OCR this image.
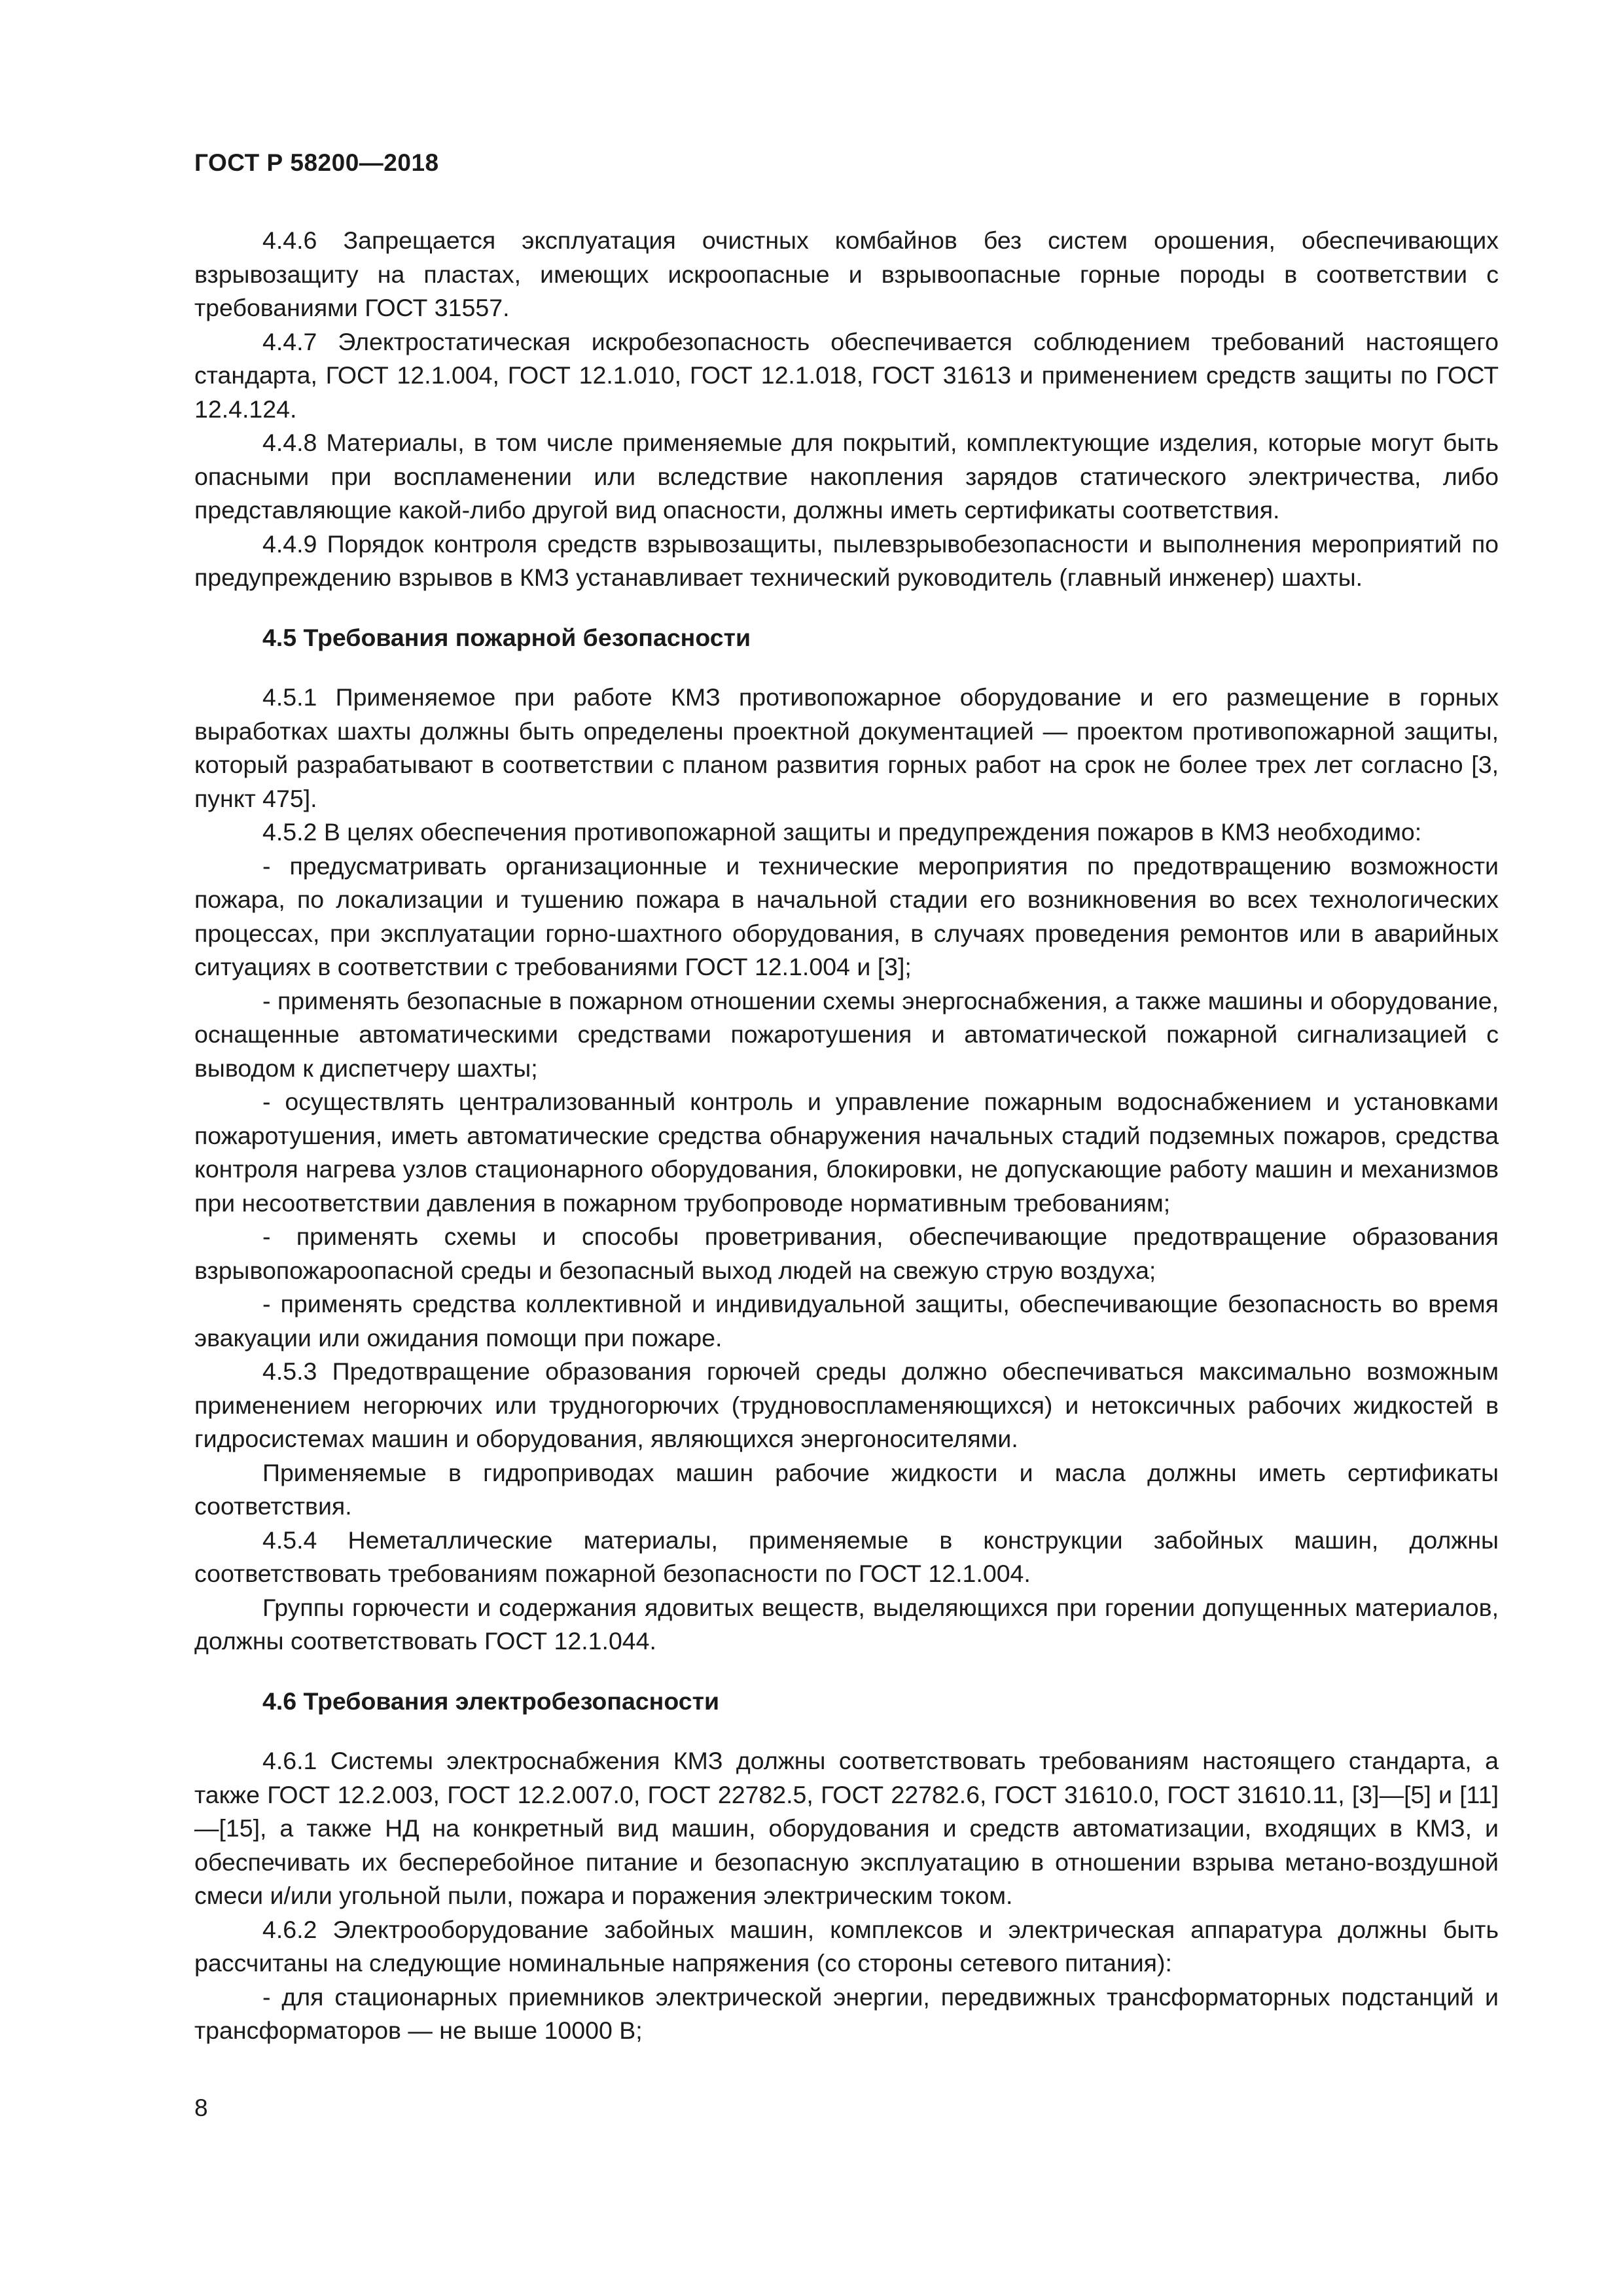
ГОСТ Р 58200—2018

4.4.6 Запрещается эксплуатация очистных комбайнов без систем орошения, обеспечивающих взрывозащиту на пластах, имеющих искроопасные и взрывоопасные горные породы в соответствии с требованиями ГОСТ 31557.

4.4.7 Электростатическая искробезопасность обеспечивается соблюдением требований настоящего стандарта, ГОСТ 12.1.004, ГОСТ 12.1.010, ГОСТ 12.1.018, ГОСТ 31613 и применением средств защиты по ГОСТ 12.4.124.

4.4.8 Материалы, в том числе применяемые для покрытий, комплектующие изделия, которые могут быть опасными при воспламенении или вследствие накопления зарядов статического электричества, либо представляющие какой-либо другой вид опасности, должны иметь сертификаты соответствия.

4.4.9 Порядок контроля средств взрывозащиты, пылевзрывобезопасности и выполнения мероприятий по предупреждению взрывов в КМЗ устанавливает технический руководитель (главный инженер) шахты.

4.5 Требования пожарной безопасности

4.5.1 Применяемое при работе КМЗ противопожарное оборудование и его размещение в горных выработках шахты должны быть определены проектной документацией — проектом противопожарной защиты, который разрабатывают в соответствии с планом развития горных работ на срок не более трех лет согласно [3, пункт 475].

4.5.2 В целях обеспечения противопожарной защиты и предупреждения пожаров в КМЗ необходимо:

- предусматривать организационные и технические мероприятия по предотвращению возможности пожара, по локализации и тушению пожара в начальной стадии его возникновения во всех технологических процессах, при эксплуатации горно-шахтного оборудования, в случаях проведения ремонтов или в аварийных ситуациях в соответствии с требованиями ГОСТ 12.1.004 и [3];

- применять безопасные в пожарном отношении схемы энергоснабжения, а также машины и оборудование, оснащенные автоматическими средствами пожаротушения и автоматической пожарной сигнализацией с выводом к диспетчеру шахты;

- осуществлять централизованный контроль и управление пожарным водоснабжением и установками пожаротушения, иметь автоматические средства обнаружения начальных стадий подземных пожаров, средства контроля нагрева узлов стационарного оборудования, блокировки, не допускающие работу машин и механизмов при несоответствии давления в пожарном трубопроводе нормативным требованиям;

- применять схемы и способы проветривания, обеспечивающие предотвращение образования взрывопожароопасной среды и безопасный выход людей на свежую струю воздуха;

- применять средства коллективной и индивидуальной защиты, обеспечивающие безопасность во время эвакуации или ожидания помощи при пожаре.

4.5.3 Предотвращение образования горючей среды должно обеспечиваться максимально возможным применением негорючих или трудногорючих (трудновоспламеняющихся) и нетоксичных рабочих жидкостей в гидросистемах машин и оборудования, являющихся энергоносителями.

Применяемые в гидроприводах машин рабочие жидкости и масла должны иметь сертификаты соответствия.

4.5.4 Неметаллические материалы, применяемые в конструкции забойных машин, должны соответствовать требованиям пожарной безопасности по ГОСТ 12.1.004.

Группы горючести и содержания ядовитых веществ, выделяющихся при горении допущенных материалов, должны соответствовать ГОСТ 12.1.044.

4.6 Требования электробезопасности

4.6.1 Системы электроснабжения КМЗ должны соответствовать требованиям настоящего стандарта, а также ГОСТ 12.2.003, ГОСТ 12.2.007.0, ГОСТ 22782.5, ГОСТ 22782.6, ГОСТ 31610.0, ГОСТ 31610.11, [3]—[5] и [11]—[15], а также НД на конкретный вид машин, оборудования и средств автоматизации, входящих в КМЗ, и обеспечивать их бесперебойное питание и безопасную эксплуатацию в отношении взрыва метано-воздушной смеси и/или угольной пыли, пожара и поражения электрическим током.

4.6.2 Электрооборудование забойных машин, комплексов и электрическая аппаратура должны быть рассчитаны на следующие номинальные напряжения (со стороны сетевого питания):

- для стационарных приемников электрической энергии, передвижных трансформаторных подстанций и трансформаторов — не выше 10000 В;

8
